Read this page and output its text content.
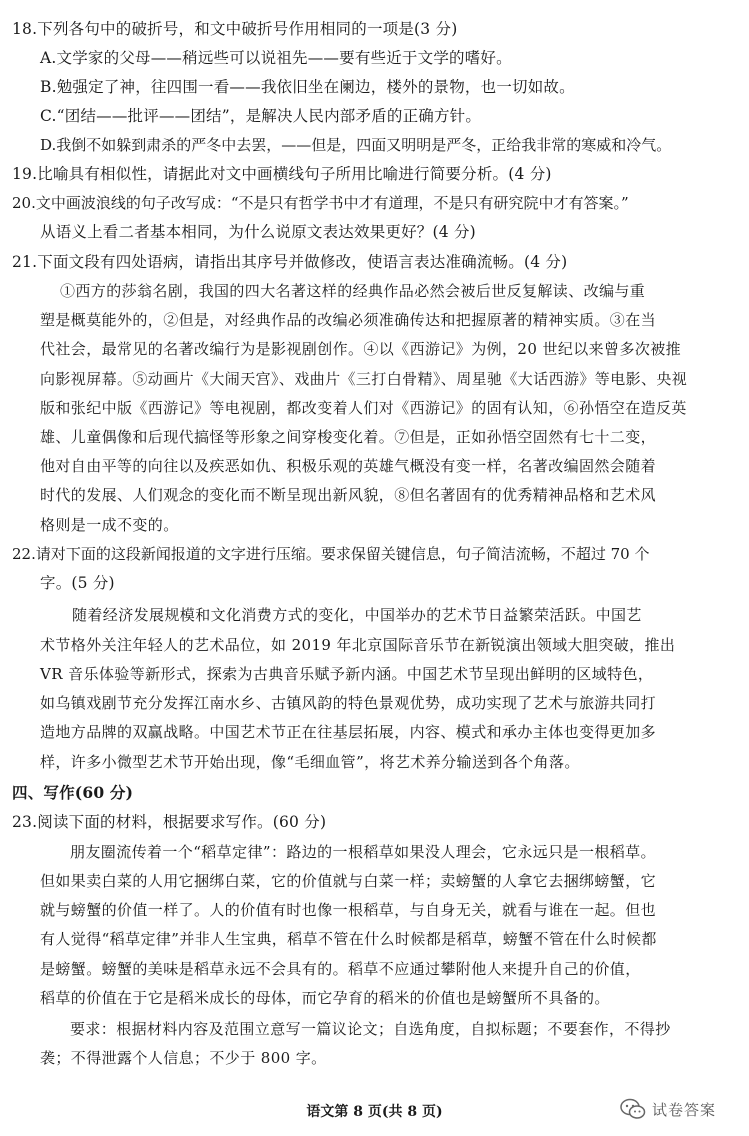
18.下列各句中的破折号，和文中破折号作用相同的一项是(3 分)
A.文学家的父母——稍远些可以说祖先——要有些近于文学的嗜好。
B.勉强定了神，往四围一看——我依旧坐在阑边，楼外的景物，也一切如故。
C.“团结——批评——团结”，是解决人民内部矛盾的正确方针。
D.我倒不如躲到肃杀的严冬中去罢，——但是，四面又明明是严冬，正给我非常的寒威和冷气。
19.比喻具有相似性，请据此对文中画横线句子所用比喻进行简要分析。(4 分)
20.文中画波浪线的句子改写成：“不是只有哲学书中才有道理，不是只有研究院中才有答案。”
从语义上看二者基本相同，为什么说原文表达效果更好？(4 分)
21.下面文段有四处语病，请指出其序号并做修改，使语言表达准确流畅。(4 分)
①西方的莎翁名剧，我国的四大名著这样的经典作品必然会被后世反复解读、改编与重
塑是概莫能外的，②但是，对经典作品的改编必须准确传达和把握原著的精神实质。③在当
代社会，最常见的名著改编行为是影视剧创作。④以《西游记》为例，20 世纪以来曾多次被推
向影视屏幕。⑤动画片《大闹天宫》、戏曲片《三打白骨精》、周星驰《大话西游》等电影、央视
版和张纪中版《西游记》等电视剧，都改变着人们对《西游记》的固有认知，⑥孙悟空在造反英
雄、儿童偶像和后现代搞怪等形象之间穿梭变化着。⑦但是，正如孙悟空固然有七十二变，
他对自由平等的向往以及疾恶如仇、积极乐观的英雄气概没有变一样，名著改编固然会随着
时代的发展、人们观念的变化而不断呈现出新风貌，⑧但名著固有的优秀精神品格和艺术风
格则是一成不变的。
22.请对下面的这段新闻报道的文字进行压缩。要求保留关键信息，句子简洁流畅，不超过 70 个
字。(5 分)
随着经济发展规模和文化消费方式的变化，中国举办的艺术节日益繁荣活跃。中国艺
术节格外关注年轻人的艺术品位，如 2019 年北京国际音乐节在新锐演出领域大胆突破，推出
VR 音乐体验等新形式，探索为古典音乐赋予新内涵。中国艺术节呈现出鲜明的区域特色，
如乌镇戏剧节充分发挥江南水乡、古镇风韵的特色景观优势，成功实现了艺术与旅游共同打
造地方品牌的双赢战略。中国艺术节正在往基层拓展，内容、模式和承办主体也变得更加多
样，许多小微型艺术节开始出现，像“毛细血管”，将艺术养分输送到各个角落。
四、写作(60 分)
23.阅读下面的材料，根据要求写作。(60 分)
朋友圈流传着一个“稻草定律”：路边的一根稻草如果没人理会，它永远只是一根稻草。
但如果卖白菜的人用它捆绑白菜，它的价值就与白菜一样；卖螃蟹的人拿它去捆绑螃蟹，它
就与螃蟹的价值一样了。人的价值有时也像一根稻草，与自身无关，就看与谁在一起。但也
有人觉得“稻草定律”并非人生宝典，稻草不管在什么时候都是稻草，螃蟹不管在什么时候都
是螃蟹。螃蟹的美味是稻草永远不会具有的。稻草不应通过攀附他人来提升自己的价值，
稻草的价值在于它是稻米成长的母体，而它孕育的稻米的价值也是螃蟹所不具备的。
要求：根据材料内容及范围立意写一篇议论文；自选角度，自拟标题；不要套作，不得抄
袭；不得泄露个人信息；不少于 800 字。
语文第 8 页(共 8 页)	试卷答案
